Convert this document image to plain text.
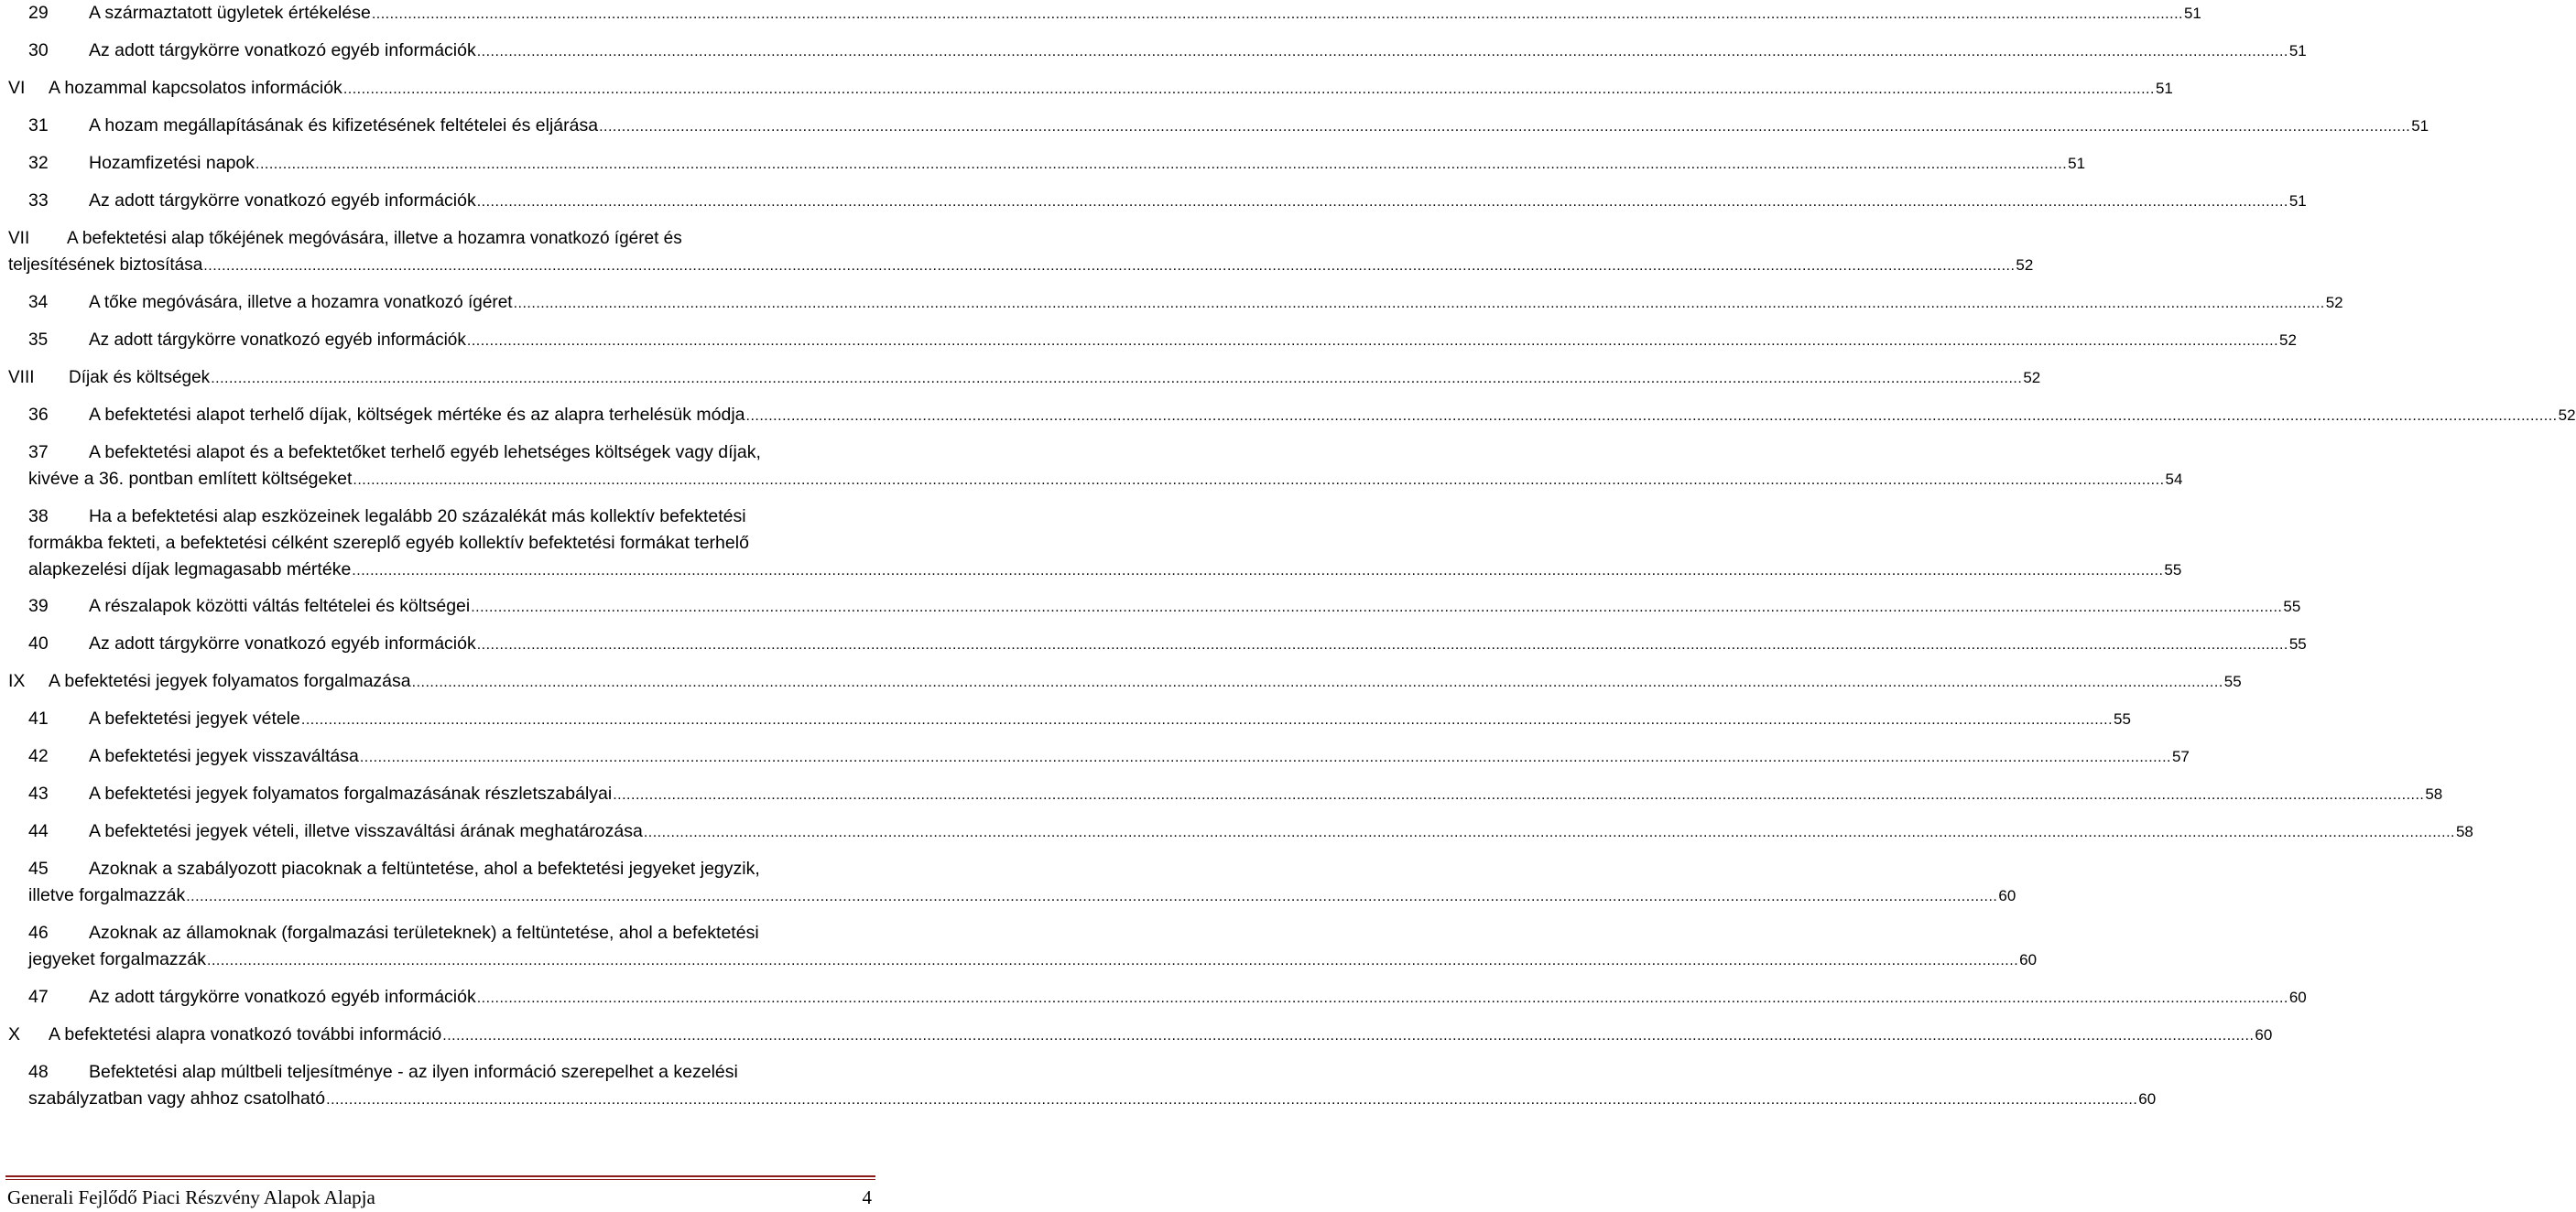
29 A származtatott ügyletek értékelése ................................................................................................................................................................................................................................................................................................................................................................................................................ 51
30 Az adott tárgykörre vonatkozó egyéb információk ................................................................................................................................................................................................................................................................................................................................................................................................................ 51
VI A hozammal kapcsolatos információk ................................................................................................................................................................................................................................................................................................................................................................................................................ 51
31 A hozam megállapításának és kifizetésének feltételei és eljárása ................................................................................................................................................................................................................................................................................................................................................................................................................ 51
32 Hozamfizetési napok ................................................................................................................................................................................................................................................................................................................................................................................................................ 51
33 Az adott tárgykörre vonatkozó egyéb információk ................................................................................................................................................................................................................................................................................................................................................................................................................ 51
VII A befektetési alap tőkéjének megóvására, illetve a hozamra vonatkozó ígéret és
teljesítésének biztosítása ................................................................................................................................................................................................................................................................................................................................................................................................................ 52
34 A tőke megóvására, illetve a hozamra vonatkozó ígéret ................................................................................................................................................................................................................................................................................................................................................................................................................ 52
35 Az adott tárgykörre vonatkozó egyéb információk ................................................................................................................................................................................................................................................................................................................................................................................................................ 52
VIII Díjak és költségek ................................................................................................................................................................................................................................................................................................................................................................................................................ 52
36 A befektetési alapot terhelő díjak, költségek mértéke és az alapra terhelésük módja ................................................................................................................................................................................................................................................................................................................................................................................................................ 52
37 A befektetési alapot és a befektetőket terhelő egyéb lehetséges költségek vagy díjak,
kivéve a 36. pontban említett költségeket ................................................................................................................................................................................................................................................................................................................................................................................................................ 54
38 Ha a befektetési alap eszközeinek legalább 20 százalékát más kollektív befektetési
formákba fekteti, a befektetési célként szereplő egyéb kollektív befektetési formákat terhelő
alapkezelési díjak legmagasabb mértéke ................................................................................................................................................................................................................................................................................................................................................................................................................ 55
39 A részalapok közötti váltás feltételei és költségei ................................................................................................................................................................................................................................................................................................................................................................................................................ 55
40 Az adott tárgykörre vonatkozó egyéb információk ................................................................................................................................................................................................................................................................................................................................................................................................................ 55
IX A befektetési jegyek folyamatos forgalmazása ................................................................................................................................................................................................................................................................................................................................................................................................................ 55
41 A befektetési jegyek vétele ................................................................................................................................................................................................................................................................................................................................................................................................................ 55
42 A befektetési jegyek visszaváltása ................................................................................................................................................................................................................................................................................................................................................................................................................ 57
43 A befektetési jegyek folyamatos forgalmazásának részletszabályai ................................................................................................................................................................................................................................................................................................................................................................................................................ 58
44 A befektetési jegyek vételi, illetve visszaváltási árának meghatározása ................................................................................................................................................................................................................................................................................................................................................................................................................ 58
45 Azoknak a szabályozott piacoknak a feltüntetése, ahol a befektetési jegyeket jegyzik,
illetve forgalmazzák ................................................................................................................................................................................................................................................................................................................................................................................................................ 60
46 Azoknak az államoknak (forgalmazási területeknek) a feltüntetése, ahol a befektetési
jegyeket forgalmazzák ................................................................................................................................................................................................................................................................................................................................................................................................................ 60
47 Az adott tárgykörre vonatkozó egyéb információk ................................................................................................................................................................................................................................................................................................................................................................................................................ 60
X A befektetési alapra vonatkozó további információ ................................................................................................................................................................................................................................................................................................................................................................................................................ 60
48 Befektetési alap múltbeli teljesítménye - az ilyen információ szerepelhet a kezelési
szabályzatban vagy ahhoz csatolható ................................................................................................................................................................................................................................................................................................................................................................................................................ 60
Generali Fejlődő Piaci Részvény Alapok Alapja	4
